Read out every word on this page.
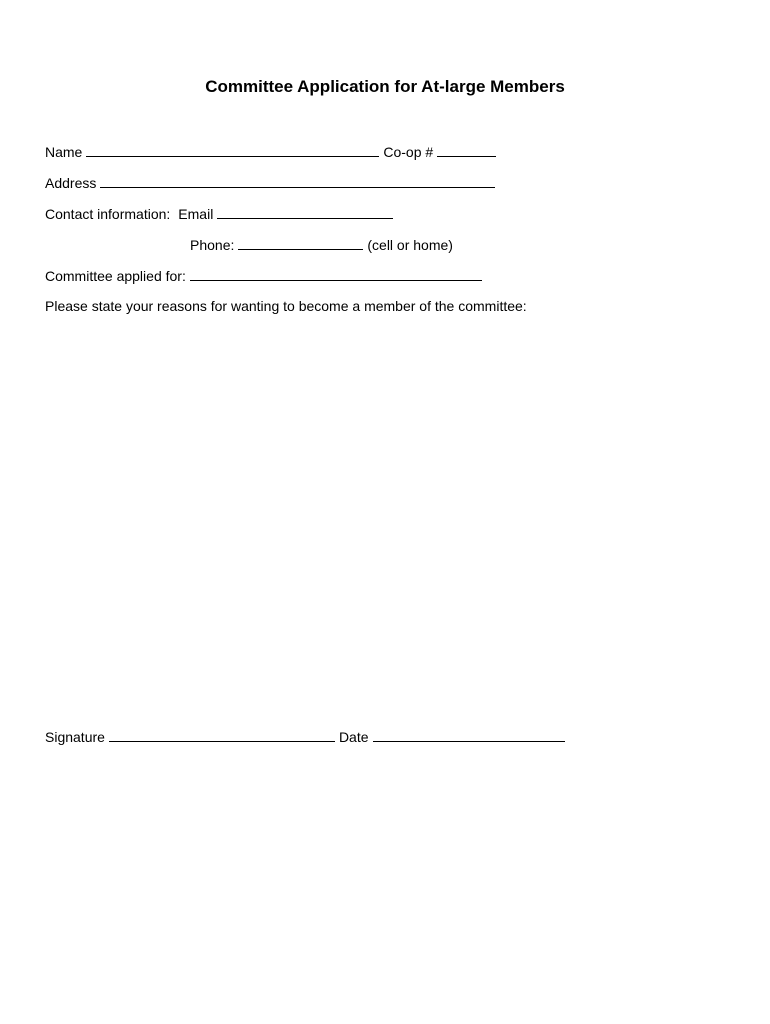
Committee Application for At-large Members
Name	Co-op #
Address
Contact information: Email
Phone:	(cell or home)
Committee applied for:
Please state your reasons for wanting to become a member of the committee:
Signature	Date
